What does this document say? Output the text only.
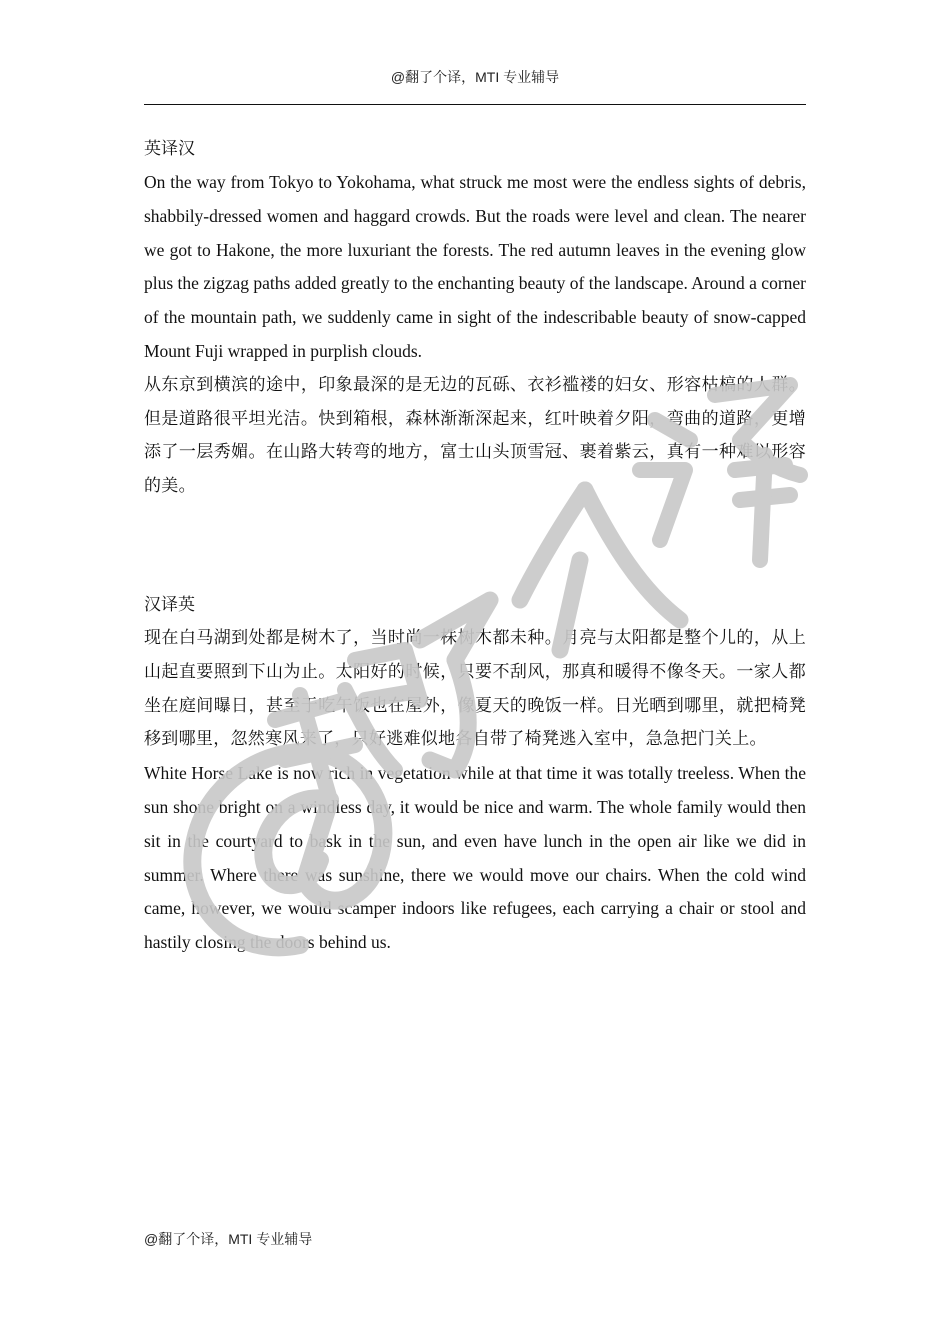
@翻了个译，MTI 专业辅导

英译汉

On the way from Tokyo to Yokohama, what struck me most were the endless sights of debris, shabbily-dressed women and haggard crowds. But the roads were level and clean. The nearer we got to Hakone, the more luxuriant the forests. The red autumn leaves in the evening glow plus the zigzag paths added greatly to the enchanting beauty of the landscape. Around a corner of the mountain path, we suddenly came in sight of the indescribable beauty of snow-capped Mount Fuji wrapped in purplish clouds.

从东京到横滨的途中，印象最深的是无边的瓦砾、衣衫褴褛的妇女、形容枯槁的人群。但是道路很平坦光洁。快到箱根，森林渐渐深起来，红叶映着夕阳，弯曲的道路，更增添了一层秀媚。在山路大转弯的地方，富士山头顶雪冠、裹着紫云，真有一种难以形容的美。

汉译英

现在白马湖到处都是树木了，当时尚一株树木都未种。月亮与太阳都是整个儿的，从上山起直要照到下山为止。太阳好的时候，只要不刮风，那真和暖得不像冬天。一家人都坐在庭间曝日，甚至于吃午饭也在屋外，像夏天的晚饭一样。日光晒到哪里，就把椅凳移到哪里，忽然寒风来了，只好逃难似地各自带了椅凳逃入室中，急急把门关上。

White Horse Lake is now rich in vegetation while at that time it was totally treeless. When the sun shone bright on a windless day, it would be nice and warm. The whole family would then sit in the courtyard to bask in the sun, and even have lunch in the open air like we did in summer. Where there was sunshine, there we would move our chairs. When the cold wind came, however, we would scamper indoors like refugees, each carrying a chair or stool and hastily closing the doors behind us.

@翻了个译，MTI 专业辅导
